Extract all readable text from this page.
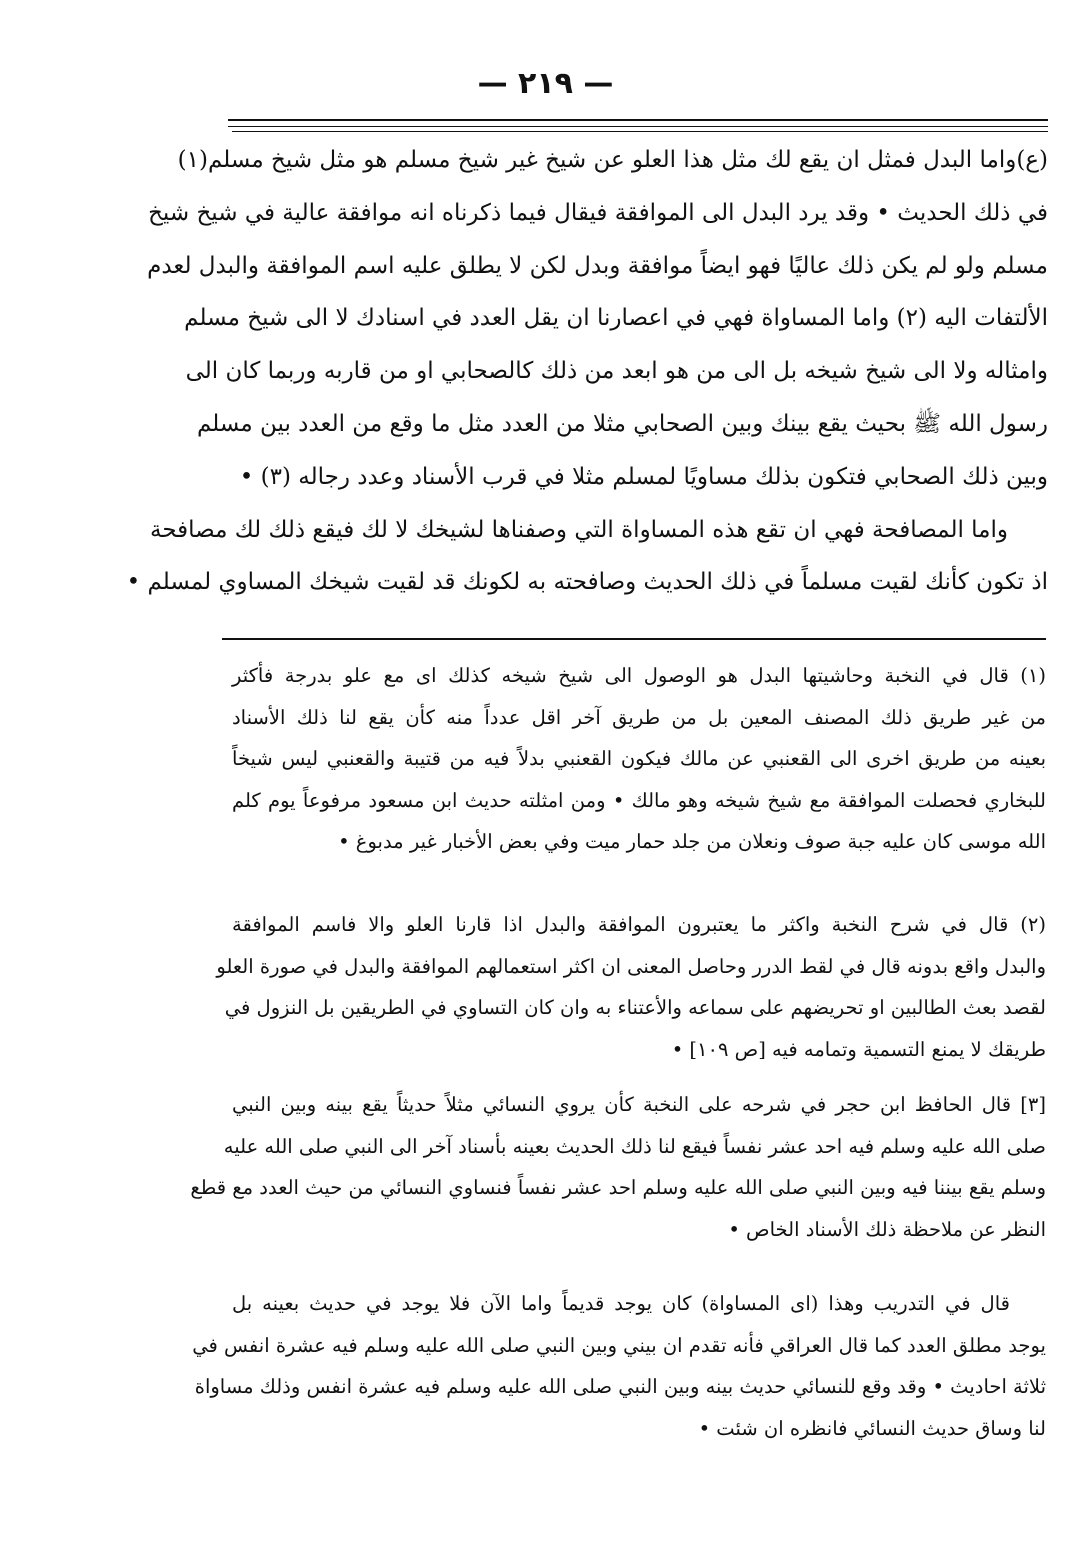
— ٢١٩ —
(ع)واما البدل فمثل ان يقع لك مثل هذا العلو عن شيخ غير شيخ مسلم هو مثل شيخ مسلم(١)
في ذلك الحديث • وقد يرد البدل الى الموافقة فيقال فيما ذكرناه انه موافقة عالية في شيخ شيخ
مسلم ولو لم يكن ذلك عاليًا فهو ايضاً موافقة وبدل لكن لا يطلق عليه اسم الموافقة والبدل لعدم
الألتفات اليه (٢) واما المساواة فهي في اعصارنا ان يقل العدد في اسنادك لا الى شيخ مسلم
وامثاله ولا الى شيخ شيخه بل الى من هو ابعد من ذلك كالصحابي او من قاربه وربما كان الى
رسول الله ﷺ بحيث يقع بينك وبين الصحابي مثلا من العدد مثل ما وقع من العدد بين مسلم
وبين ذلك الصحابي فتكون بذلك مساويًا لمسلم مثلا في قرب الأسناد وعدد رجاله (٣) •
واما المصافحة فهي ان تقع هذه المساواة التي وصفناها لشيخك لا لك فيقع ذلك لك مصافحة
اذ تكون كأنك لقيت مسلماً في ذلك الحديث وصافحته به لكونك قد لقيت شيخك المساوي لمسلم •
(١) قال في النخبة وحاشيتها البدل هو الوصول الى شيخ شيخه كذلك اى مع علو بدرجة فأكثر
من غير طريق ذلك المصنف المعين بل من طريق آخر اقل عدداً منه كأن يقع لنا ذلك الأسناد
بعينه من طريق اخرى الى القعنبي عن مالك فيكون القعنبي بدلاً فيه من قتيبة والقعنبي ليس شيخاً
للبخاري فحصلت الموافقة مع شيخ شيخه وهو مالك • ومن امثلته حديث ابن مسعود مرفوعاً يوم كلم
الله موسى كان عليه جبة صوف ونعلان من جلد حمار ميت وفي بعض الأخبار غير مدبوغ •
(٢) قال في شرح النخبة واكثر ما يعتبرون الموافقة والبدل اذا قارنا العلو والا فاسم الموافقة
والبدل واقع بدونه قال في لقط الدرر وحاصل المعنى ان اكثر استعمالهم الموافقة والبدل في صورة العلو
لقصد بعث الطالبين او تحريضهم على سماعه والأعتناء به وان كان التساوي في الطريقين بل النزول في
طريقك لا يمنع التسمية وتمامه فيه [ص ١٠٩] •
[٣] قال الحافظ ابن حجر في شرحه على النخبة كأن يروي النسائي مثلاً حديثاً يقع بينه وبين النبي
صلى الله عليه وسلم فيه احد عشر نفساً فيقع لنا ذلك الحديث بعينه بأسناد آخر الى النبي صلى الله عليه
وسلم يقع بيننا فيه وبين النبي صلى الله عليه وسلم احد عشر نفساً فنساوي النسائي من حيث العدد مع قطع
النظر عن ملاحظة ذلك الأسناد الخاص •
قال في التدريب وهذا (اى المساواة) كان يوجد قديماً واما الآن فلا يوجد في حديث بعينه بل
يوجد مطلق العدد كما قال العراقي فأنه تقدم ان بيني وبين النبي صلى الله عليه وسلم فيه عشرة انفس في
ثلاثة احاديث • وقد وقع للنسائي حديث بينه وبين النبي صلى الله عليه وسلم فيه عشرة انفس وذلك مساواة
لنا وساق حديث النسائي فانظره ان شئت •
